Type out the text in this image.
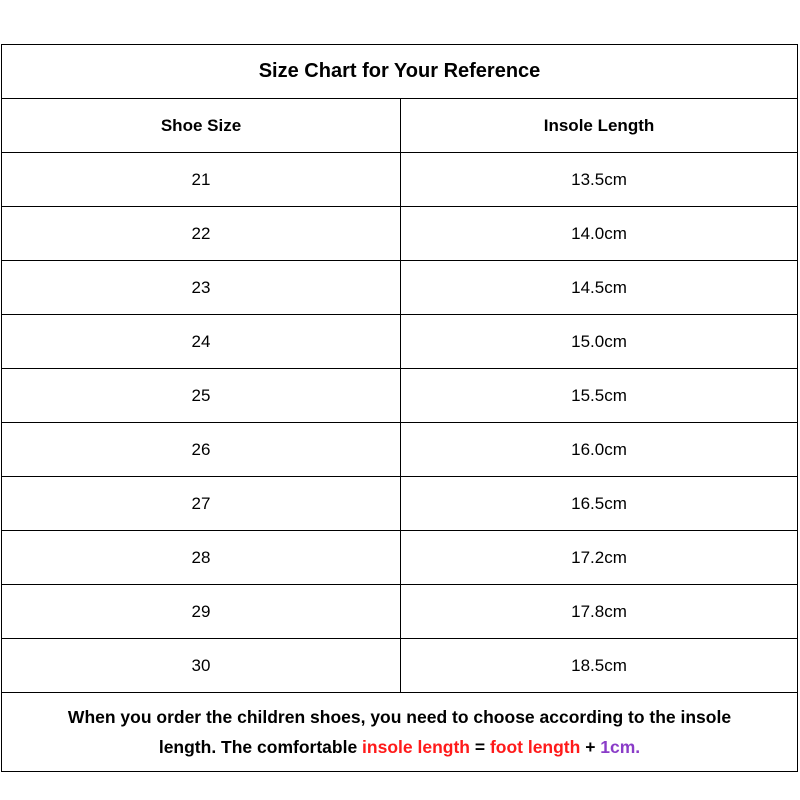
Size Chart for Your Reference
Shoe Size	Insole Length
21	13.5cm
22	14.0cm
23	14.5cm
24	15.0cm
25	15.5cm
26	16.0cm
27	16.5cm
28	17.2cm
29	17.8cm
30	18.5cm
When you order the children shoes, you need to choose according to the insole
length. The comfortable insole length = foot length + 1cm.
